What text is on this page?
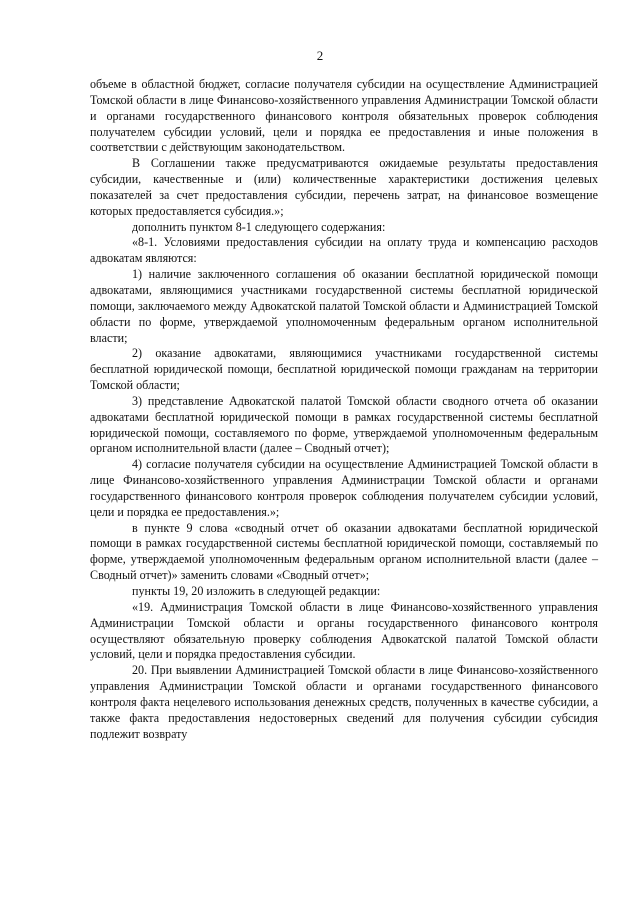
2

объеме в областной бюджет, согласие получателя субсидии на осуществление Администрацией Томской области в лице Финансово-хозяйственного управления Администрации Томской области и органами государственного финансового контроля обязательных проверок соблюдения получателем субсидии условий, цели и порядка ее предоставления и иные положения в соответствии с действующим законодательством.

В Соглашении также предусматриваются ожидаемые результаты предоставления субсидии, качественные и (или) количественные характеристики достижения целевых показателей за счет предоставления субсидии, перечень затрат, на финансовое возмещение которых предоставляется субсидия.»;

дополнить пунктом 8-1 следующего содержания:

«8-1. Условиями предоставления субсидии на оплату труда и компенсацию расходов адвокатам являются:

1) наличие заключенного соглашения об оказании бесплатной юридической помощи адвокатами, являющимися участниками государственной системы бесплатной юридической помощи, заключаемого между Адвокатской палатой Томской области и Администрацией Томской области по форме, утверждаемой уполномоченным федеральным органом исполнительной власти;

2) оказание адвокатами, являющимися участниками государственной системы бесплатной юридической помощи, бесплатной юридической помощи гражданам на территории Томской области;

3) представление Адвокатской палатой Томской области сводного отчета об оказании адвокатами бесплатной юридической помощи в рамках государственной системы бесплатной юридической помощи, составляемого по форме, утверждаемой уполномоченным федеральным органом исполнительной власти (далее – Сводный отчет);

4) согласие получателя субсидии на осуществление Администрацией Томской области в лице Финансово-хозяйственного управления Администрации Томской области и органами государственного финансового контроля проверок соблюдения получателем субсидии условий, цели и порядка ее предоставления.»;

в пункте 9 слова «сводный отчет об оказании адвокатами бесплатной юридической помощи в рамках государственной системы бесплатной юридической помощи, составляемый по форме, утверждаемой уполномоченным федеральным органом исполнительной власти (далее – Сводный отчет)» заменить словами «Сводный отчет»;

пункты 19, 20 изложить в следующей редакции:

«19. Администрация Томской области в лице Финансово-хозяйственного управления Администрации Томской области и органы государственного финансового контроля осуществляют обязательную проверку соблюдения Адвокатской палатой Томской области условий, цели и порядка предоставления субсидии.

20. При выявлении Администрацией Томской области в лице Финансово-хозяйственного управления Администрации Томской области и органами государственного финансового контроля факта нецелевого использования денежных средств, полученных в качестве субсидии, а также факта предоставления недостоверных сведений для получения субсидии субсидия подлежит возврату
